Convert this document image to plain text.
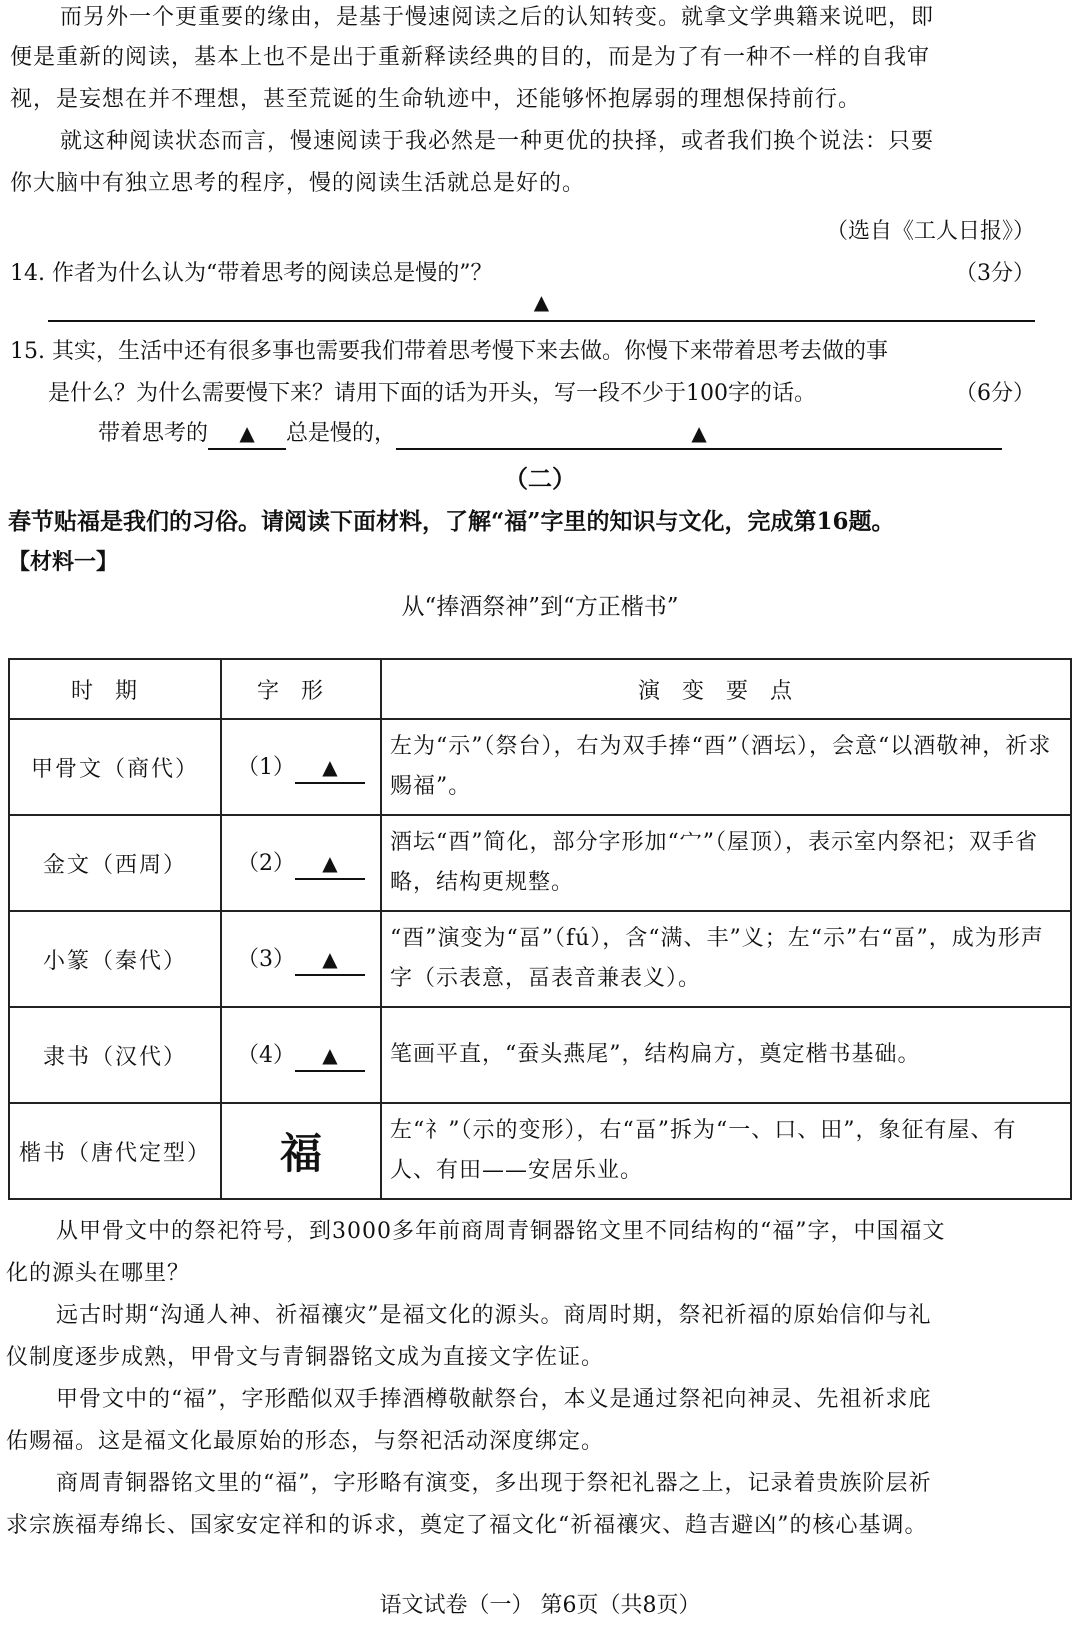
而另外一个更重要的缘由，是基于慢速阅读之后的认知转变。就拿文学典籍来说吧，即
便是重新的阅读，基本上也不是出于重新释读经典的目的，而是为了有一种不一样的自我审
视，是妄想在并不理想，甚至荒诞的生命轨迹中，还能够怀抱孱弱的理想保持前行。
就这种阅读状态而言，慢速阅读于我必然是一种更优的抉择，或者我们换个说法：只要
你大脑中有独立思考的程序，慢的阅读生活就总是好的。
（选自《工人日报》）
14. 作者为什么认为“带着思考的阅读总是慢的”？	（3分）
▲
15. 其实，生活中还有很多事也需要我们带着思考慢下来去做。你慢下来带着思考去做的事
是什么？为什么需要慢下来？请用下面的话为开头，写一段不少于100字的话。	（6分）
带着思考的 ▲ 总是慢的，	▲
（二）
春节贴福是我们的习俗。请阅读下面材料，了解“福”字里的知识与文化，完成第16题。
【材料一】
从“捧酒祭神”到“方正楷书”
时期	字形	演变要点
甲骨文（商代）	（1） ▲	左为“示”（祭台），右为双手捧“酉”（酒坛），会意“以酒敬神，祈求赐福”。
金文（西周）	（2） ▲	酒坛“酉”简化，部分字形加“宀”（屋顶），表示室内祭祀；双手省略，结构更规整。
小篆（秦代）	（3） ▲	“酉”演变为“畐”（fú），含“满、丰”义；左“示”右“畐”，成为形声字（示表意，畐表音兼表义）。
隶书（汉代）	（4） ▲	笔画平直，“蚕头燕尾”，结构扁方，奠定楷书基础。
楷书（唐代定型）	福	左“礻”（示的变形），右“畐”拆为“一、口、田”，象征有屋、有人、有田——安居乐业。
从甲骨文中的祭祀符号，到3000多年前商周青铜器铭文里不同结构的“福”字，中国福文
化的源头在哪里？
远古时期“沟通人神、祈福禳灾”是福文化的源头。商周时期，祭祀祈福的原始信仰与礼
仪制度逐步成熟，甲骨文与青铜器铭文成为直接文字佐证。
甲骨文中的“福”，字形酷似双手捧酒樽敬献祭台，本义是通过祭祀向神灵、先祖祈求庇
佑赐福。这是福文化最原始的形态，与祭祀活动深度绑定。
商周青铜器铭文里的“福”，字形略有演变，多出现于祭祀礼器之上，记录着贵族阶层祈
求宗族福寿绵长、国家安定祥和的诉求，奠定了福文化“祈福禳灾、趋吉避凶”的核心基调。
语文试卷（一） 第6页（共8页）
